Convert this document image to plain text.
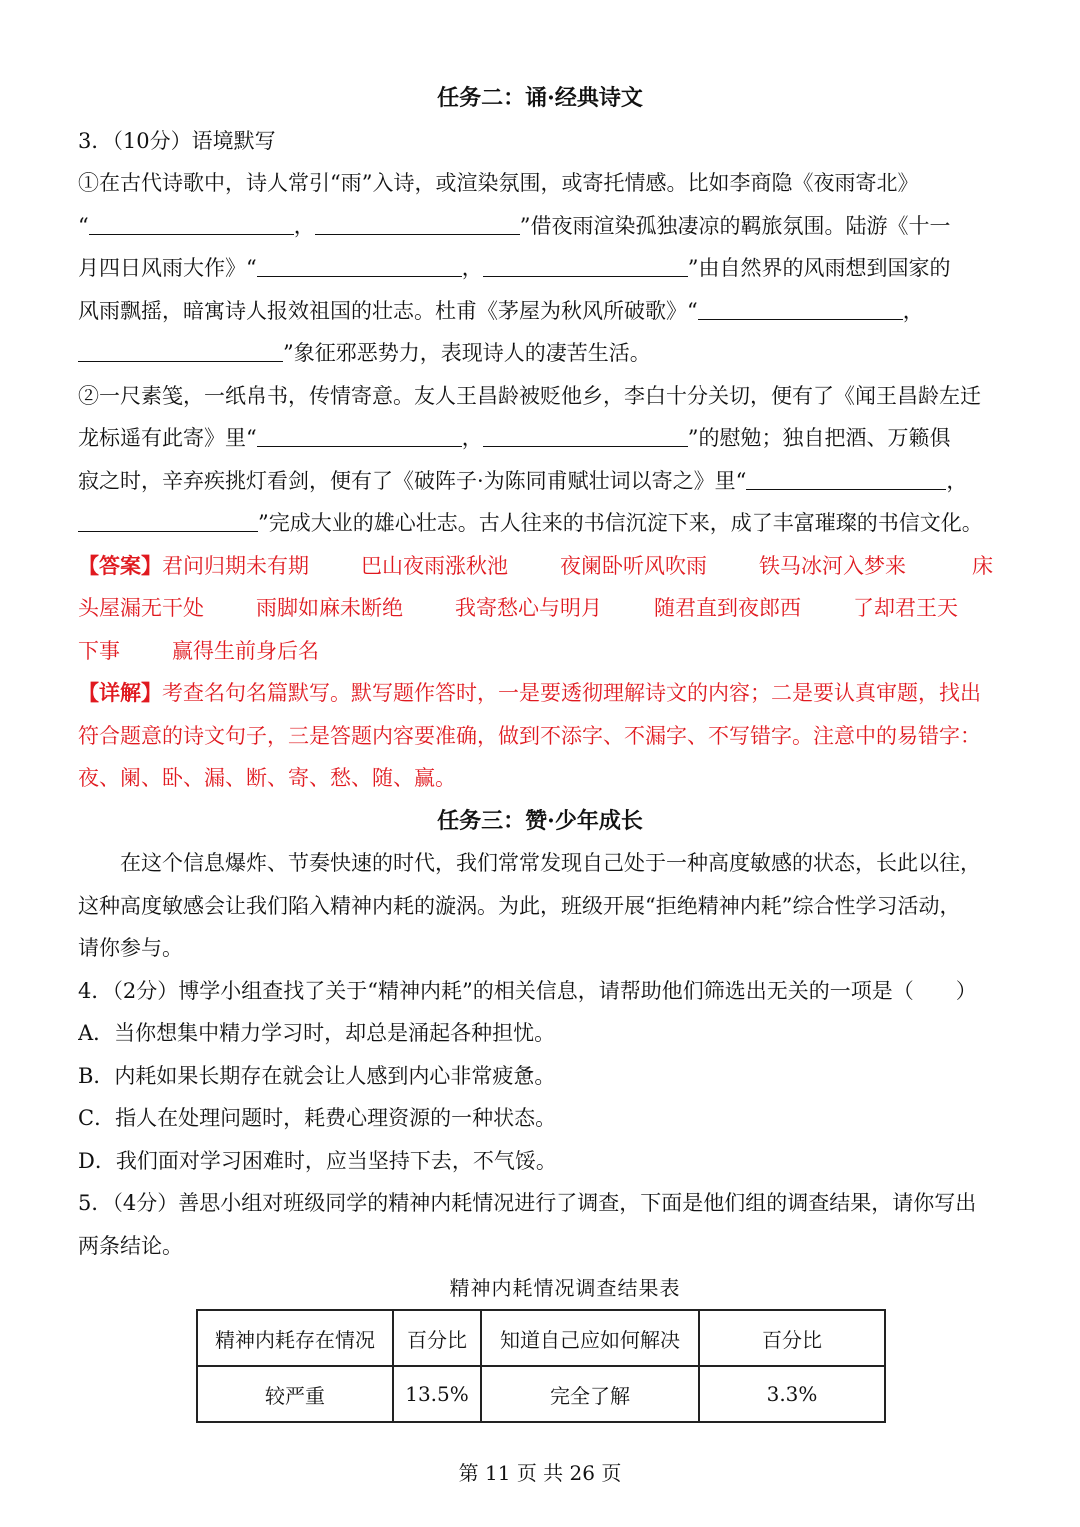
任务二：诵·经典诗文
3．（10分）语境默写
①在古代诗歌中，诗人常引“雨”入诗，或渲染氛围，或寄托情感。比如李商隐《夜雨寄北》
“	，	”借夜雨渲染孤独凄凉的羁旅氛围。陆游《十一
月四日风雨大作》“	，	”由自然界的风雨想到国家的
风雨飘摇，暗寓诗人报效祖国的壮志。杜甫《茅屋为秋风所破歌》“	，
”象征邪恶势力，表现诗人的凄苦生活。
②一尺素笺，一纸帛书，传情寄意。友人王昌龄被贬他乡，李白十分关切，便有了《闻王昌龄左迁
龙标遥有此寄》里“	，	”的慰勉；独自把酒、万籁俱
寂之时，辛弃疾挑灯看剑，便有了《破阵子·为陈同甫赋壮词以寄之》里“	，
”完成大业的雄心壮志。古人往来的书信沉淀下来，成了丰富璀璨的书信文化。
【答案】君问归期未有期 巴山夜雨涨秋池 夜阑卧听风吹雨 铁马冰河入梦来	床
头屋漏无干处 雨脚如麻未断绝 我寄愁心与明月 随君直到夜郎西 了却君王天
下事 赢得生前身后名
【详解】考查名句名篇默写。默写题作答时，一是要透彻理解诗文的内容；二是要认真审题，找出
符合题意的诗文句子，三是答题内容要准确，做到不添字、不漏字、不写错字。注意中的易错字：
夜、阑、卧、漏、断、寄、愁、随、赢。
任务三：赞·少年成长
在这个信息爆炸、节奏快速的时代，我们常常发现自己处于一种高度敏感的状态，长此以往，
这种高度敏感会让我们陷入精神内耗的漩涡。为此，班级开展“拒绝精神内耗”综合性学习活动，
请你参与。
4．（2分）博学小组查找了关于“精神内耗”的相关信息，请帮助他们筛选出无关的一项是（　　）
A．当你想集中精力学习时，却总是涌起各种担忧。
B．内耗如果长期存在就会让人感到内心非常疲惫。
C．指人在处理问题时，耗费心理资源的一种状态。
D．我们面对学习困难时，应当坚持下去，不气馁。
5．（4分）善思小组对班级同学的精神内耗情况进行了调查，下面是他们组的调查结果，请你写出
两条结论。
精神内耗情况调查结果表
精神内耗存在情况	百分比	知道自己应如何解决	百分比
较严重	13.5%	完全了解	3.3%
第 11 页 共 26 页
